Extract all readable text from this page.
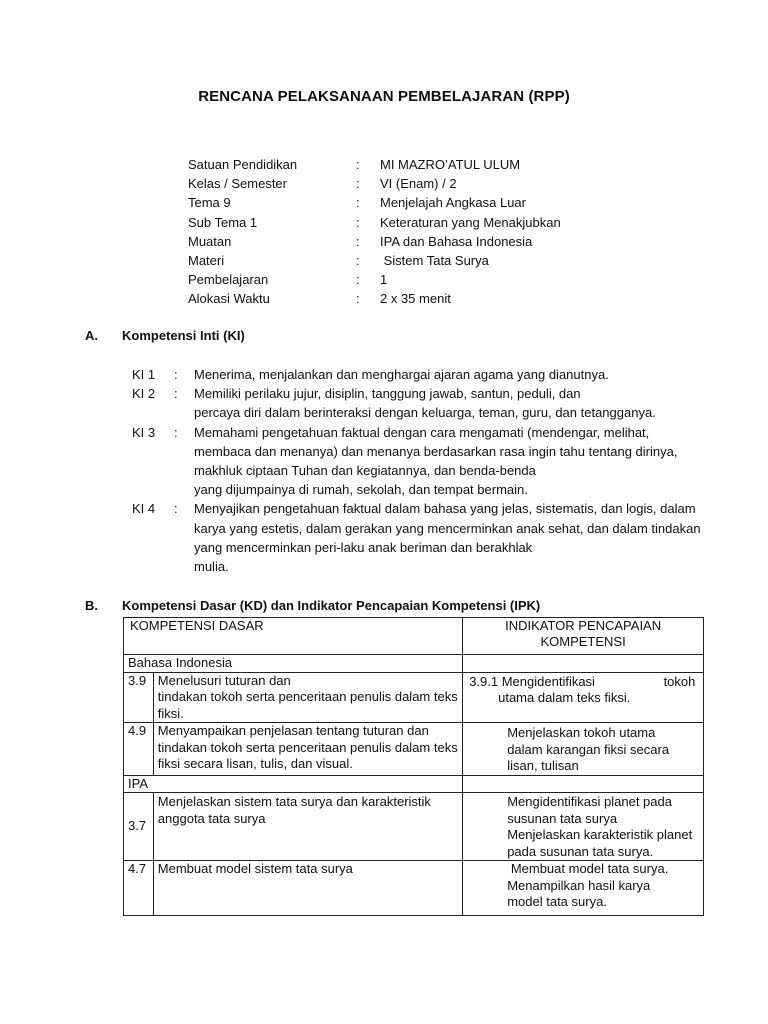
RENCANA PELAKSANAAN PEMBELAJARAN (RPP)
Satuan Pendidikan	: MI MAZRO’ATUL ULUM
Kelas / Semester	: VI (Enam) / 2
Tema 9	: Menjelajah Angkasa Luar
Sub Tema 1	: Keteraturan yang Menakjubkan
Muatan	: IPA dan Bahasa Indonesia
Materi	: Sistem Tata Surya
Pembelajaran	: 1
Alokasi Waktu	: 2 x 35 menit
A. Kompetensi Inti (KI)
KI 1 : Menerima, menjalankan dan menghargai ajaran agama yang dianutnya.
KI 2 : Memiliki perilaku jujur, disiplin, tanggung jawab, santun, peduli, dan
percaya diri dalam berinteraksi dengan keluarga, teman, guru, dan tetangganya.
KI 3 : Memahami pengetahuan faktual dengan cara mengamati (mendengar, melihat,
membaca dan menanya) dan menanya berdasarkan rasa ingin tahu tentang dirinya,
makhluk ciptaan Tuhan dan kegiatannya, dan benda-benda
yang dijumpainya di rumah, sekolah, dan tempat bermain.
KI 4 : Menyajikan pengetahuan faktual dalam bahasa yang jelas, sistematis, dan logis, dalam
karya yang estetis, dalam gerakan yang mencerminkan anak sehat, dan dalam tindakan
yang mencerminkan peri-laku anak beriman dan berakhlak
mulia.
B. Kompetensi Dasar (KD) dan Indikator Pencapaian Kompetensi (IPK)
KOMPETENSI DASAR		INDIKATOR PENCAPAIAN
KOMPETENSI

Bahasa Indonesia		
3.9	Menelusuri tuturan dan
tindakan tokoh serta penceritaan penulis dalam teks
fiksi.	3.9.1 Mengidentifikasi                   tokoh
utama dalam teks fiksi.

4.9	Menyampaikan penjelasan tentang tuturan dan
tindakan tokoh serta penceritaan penulis dalam teks
fiksi secara lisan, tulis, dan visual.	Menjelaskan tokoh utama
dalam karangan fiksi secara
lisan, tulisan

IPA		
3.7	Menjelaskan sistem tata surya dan karakteristik
anggota tata surya	Mengidentifikasi planet pada
susunan tata surya
Menjelaskan karakteristik planet
pada susunan tata surya.

4.7	Membuat model sistem tata surya	Membuat model tata surya.
Menampilkan hasil karya
model tata surya.
